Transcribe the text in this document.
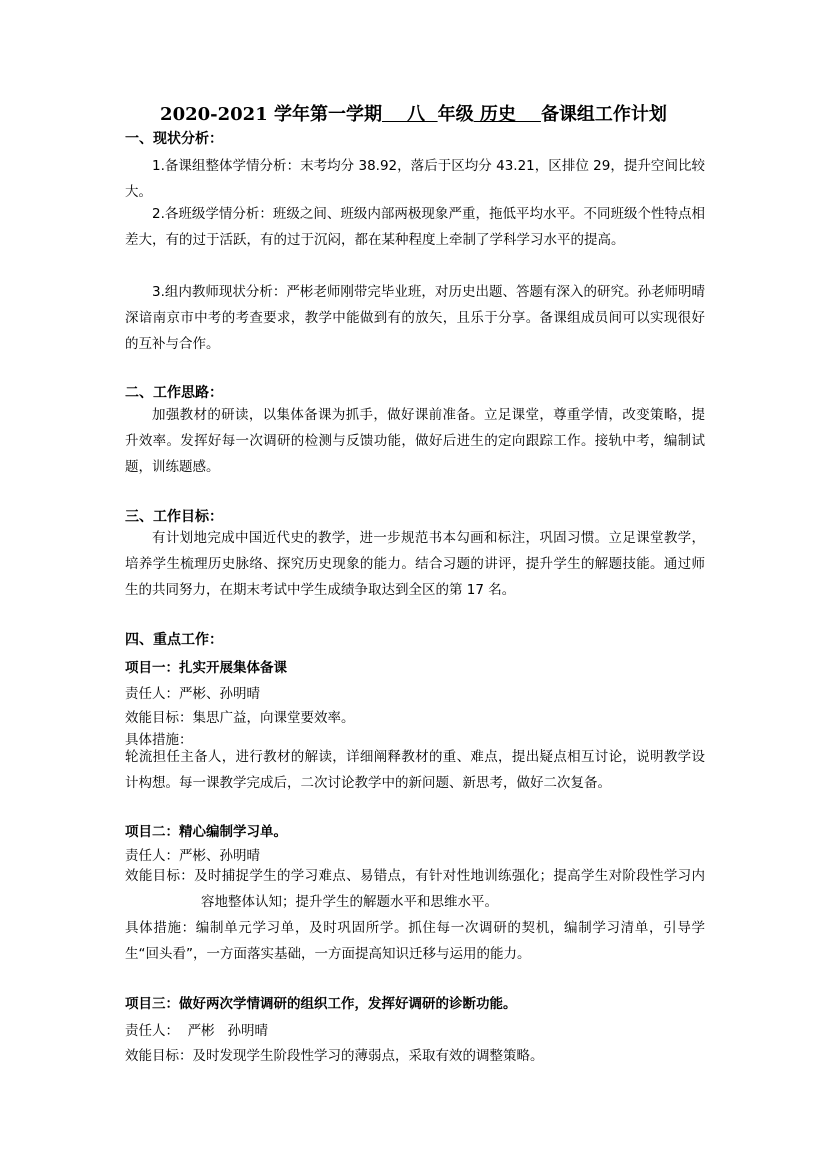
2020-2021 学年第一学期    八  年级 历史    备课组工作计划
一、现状分析：
1.备课组整体学情分析：末考均分 38.92，落后于区均分 43.21，区排位 29，提升空间比较大。
2.各班级学情分析：班级之间、班级内部两极现象严重，拖低平均水平。不同班级个性特点相差大，有的过于活跃，有的过于沉闷，都在某种程度上牵制了学科学习水平的提高。
3.组内教师现状分析：严彬老师刚带完毕业班，对历史出题、答题有深入的研究。孙老师明晴深谙南京市中考的考查要求，教学中能做到有的放矢，且乐于分享。备课组成员间可以实现很好的互补与合作。
二、工作思路：
加强教材的研读，以集体备课为抓手，做好课前准备。立足课堂，尊重学情，改变策略，提升效率。发挥好每一次调研的检测与反馈功能，做好后进生的定向跟踪工作。接轨中考，编制试题，训练题感。
三、工作目标：
有计划地完成中国近代史的教学，进一步规范书本勾画和标注，巩固习惯。立足课堂教学，培养学生梳理历史脉络、探究历史现象的能力。结合习题的讲评，提升学生的解题技能。通过师生的共同努力，在期末考试中学生成绩争取达到全区的第 17 名。
四、重点工作：
项目一：扎实开展集体备课
责任人：严彬、孙明晴
效能目标：集思广益，向课堂要效率。
具体措施：
轮流担任主备人，进行教材的解读，详细阐释教材的重、难点，提出疑点相互讨论，说明教学设计构想。每一课教学完成后，二次讨论教学中的新问题、新思考，做好二次复备。
项目二：精心编制学习单。
责任人：严彬、孙明晴
效能目标：及时捕捉学生的学习难点、易错点，有针对性地训练强化；提高学生对阶段性学习内容地整体认知；提升学生的解题水平和思维水平。
具体措施：编制单元学习单，及时巩固所学。抓住每一次调研的契机，编制学习清单，引导学生“回头看”，一方面落实基础，一方面提高知识迁移与运用的能力。
项目三：做好两次学情调研的组织工作，发挥好调研的诊断功能。
责任人：  严彬   孙明晴
效能目标：及时发现学生阶段性学习的薄弱点，采取有效的调整策略。
